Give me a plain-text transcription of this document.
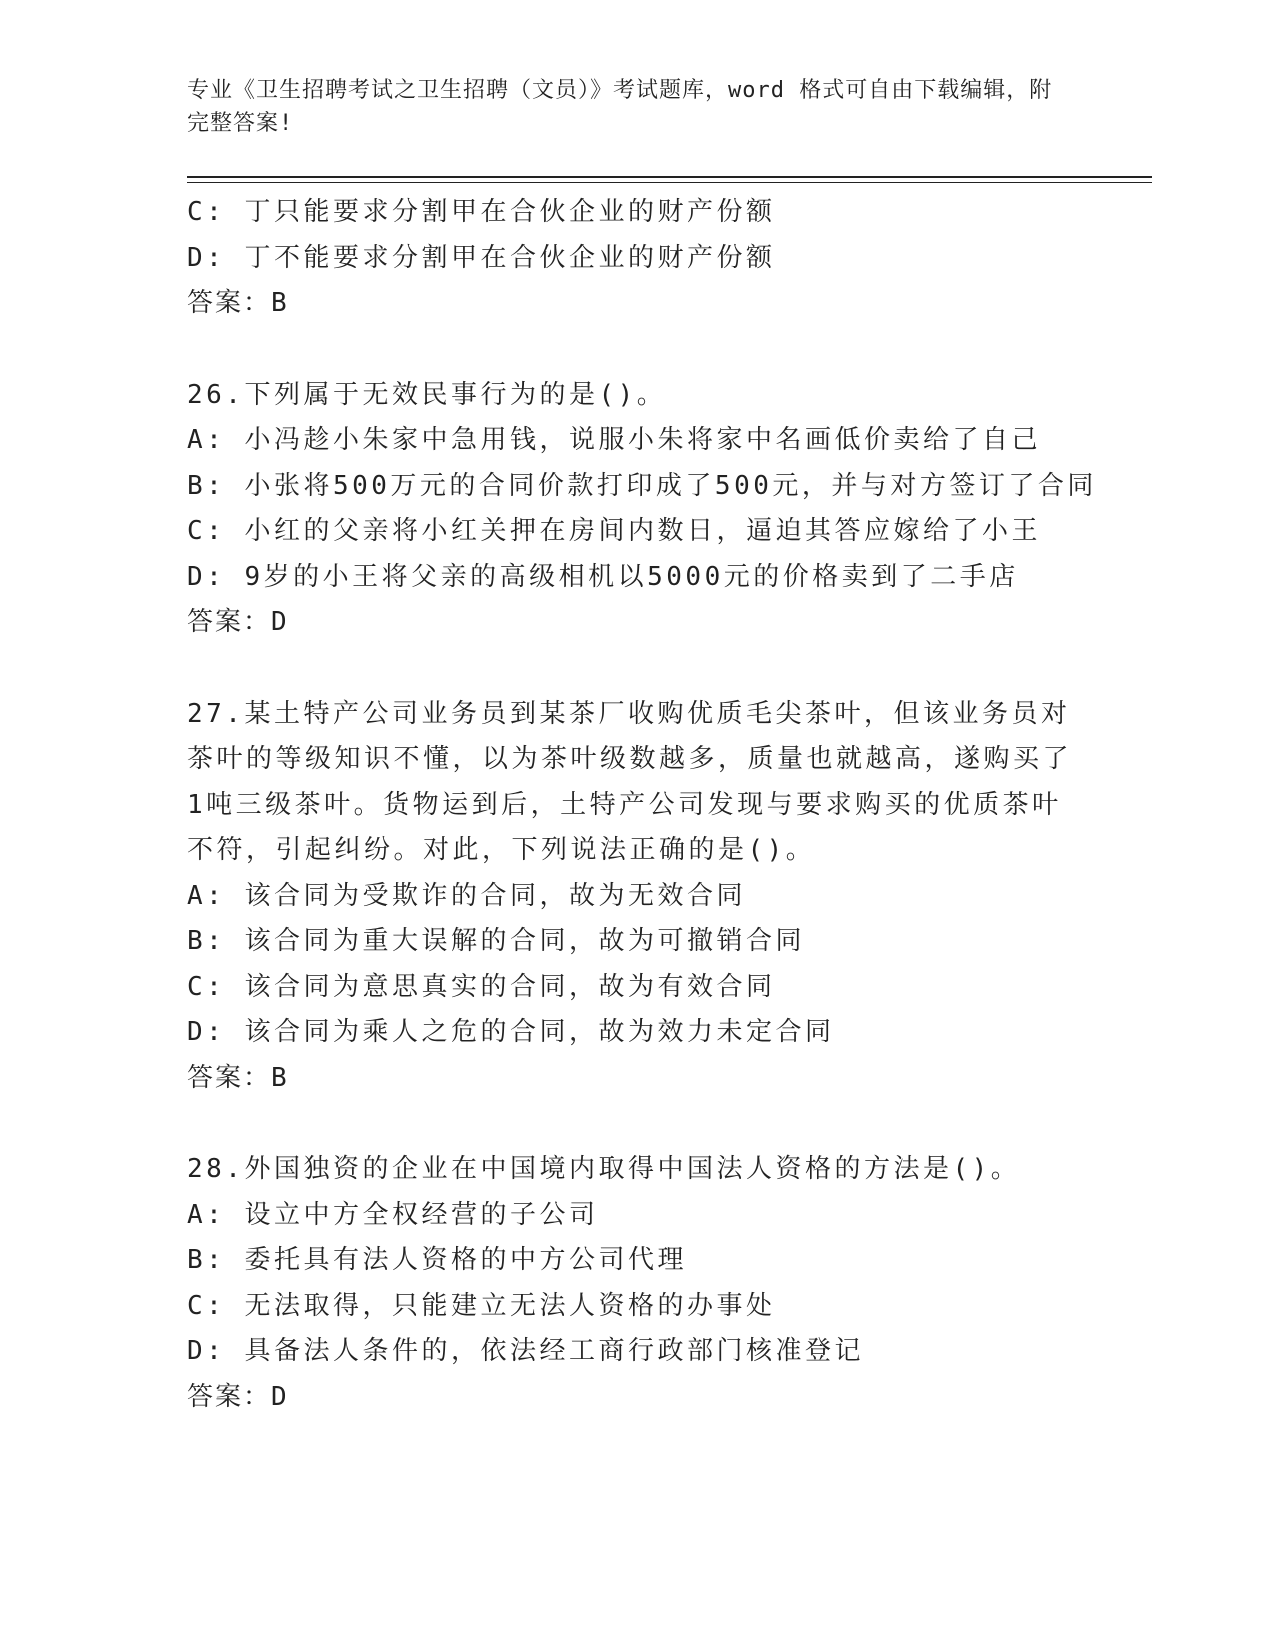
专业《卫生招聘考试之卫生招聘（文员）》考试题库，word 格式可自由下载编辑，附完整答案!
C: 丁只能要求分割甲在合伙企业的财产份额
D: 丁不能要求分割甲在合伙企业的财产份额
答案：B
26.下列属于无效民事行为的是()。
A: 小冯趁小朱家中急用钱，说服小朱将家中名画低价卖给了自己
B: 小张将500万元的合同价款打印成了500元，并与对方签订了合同
C: 小红的父亲将小红关押在房间内数日，逼迫其答应嫁给了小王
D: 9岁的小王将父亲的高级相机以5000元的价格卖到了二手店
答案：D
27.某土特产公司业务员到某茶厂收购优质毛尖茶叶，但该业务员对茶叶的等级知识不懂，以为茶叶级数越多，质量也就越高，遂购买了1吨三级茶叶。货物运到后，土特产公司发现与要求购买的优质茶叶不符，引起纠纷。对此，下列说法正确的是()。
A: 该合同为受欺诈的合同，故为无效合同
B: 该合同为重大误解的合同，故为可撤销合同
C: 该合同为意思真实的合同，故为有效合同
D: 该合同为乘人之危的合同，故为效力未定合同
答案：B
28.外国独资的企业在中国境内取得中国法人资格的方法是()。
A: 设立中方全权经营的子公司
B: 委托具有法人资格的中方公司代理
C: 无法取得，只能建立无法人资格的办事处
D: 具备法人条件的，依法经工商行政部门核准登记
答案：D
